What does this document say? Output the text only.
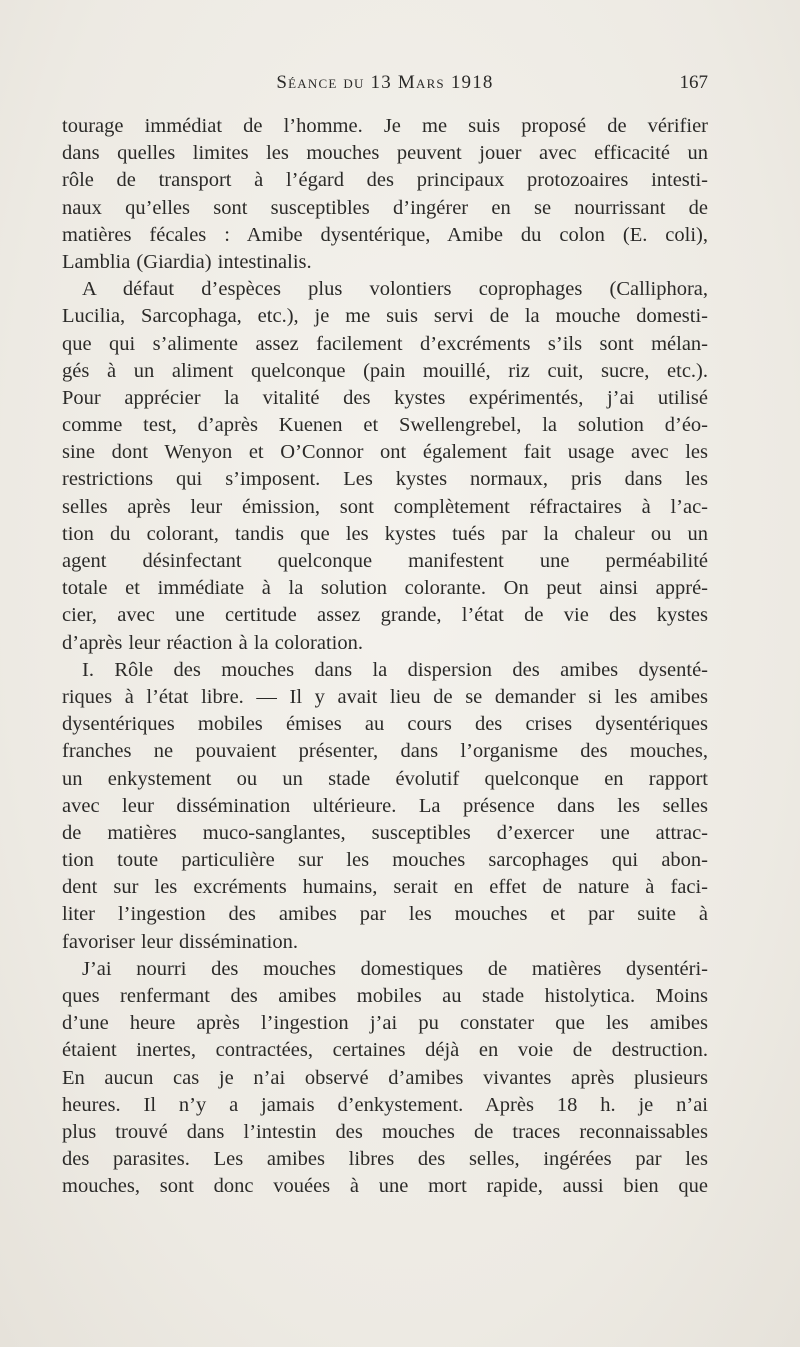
Séance du 13 Mars 1918	167
tourage immédiat de l’homme. Je me suis proposé de vérifier
dans quelles limites les mouches peuvent jouer avec efficacité un
rôle de transport à l’égard des principaux protozoaires intesti-
naux qu’elles sont susceptibles d’ingérer en se nourrissant de
matières fécales : Amibe dysentérique, Amibe du colon (E. coli),
Lamblia (Giardia) intestinalis.
A défaut d’espèces plus volontiers coprophages (Calliphora,
Lucilia, Sarcophaga, etc.), je me suis servi de la mouche domesti-
que qui s’alimente assez facilement d’excréments s’ils sont mélan-
gés à un aliment quelconque (pain mouillé, riz cuit, sucre, etc.).
Pour apprécier la vitalité des kystes expérimentés, j’ai utilisé
comme test, d’après Kuenen et Swellengrebel, la solution d’éo-
sine dont Wenyon et O’Connor ont également fait usage avec les
restrictions qui s’imposent. Les kystes normaux, pris dans les
selles après leur émission, sont complètement réfractaires à l’ac-
tion du colorant, tandis que les kystes tués par la chaleur ou un
agent désinfectant quelconque manifestent une perméabilité
totale et immédiate à la solution colorante. On peut ainsi appré-
cier, avec une certitude assez grande, l’état de vie des kystes
d’après leur réaction à la coloration.
I. Rôle des mouches dans la dispersion des amibes dysenté-
riques à l’état libre. — Il y avait lieu de se demander si les amibes
dysentériques mobiles émises au cours des crises dysentériques
franches ne pouvaient présenter, dans l’organisme des mouches,
un enkystement ou un stade évolutif quelconque en rapport
avec leur dissémination ultérieure. La présence dans les selles
de matières muco-sanglantes, susceptibles d’exercer une attrac-
tion toute particulière sur les mouches sarcophages qui abon-
dent sur les excréments humains, serait en effet de nature à faci-
liter l’ingestion des amibes par les mouches et par suite à
favoriser leur dissémination.
J’ai nourri des mouches domestiques de matières dysentéri-
ques renfermant des amibes mobiles au stade histolytica. Moins
d’une heure après l’ingestion j’ai pu constater que les amibes
étaient inertes, contractées, certaines déjà en voie de destruction.
En aucun cas je n’ai observé d’amibes vivantes après plusieurs
heures. Il n’y a jamais d’enkystement. Après 18 h. je n’ai
plus trouvé dans l’intestin des mouches de traces reconnaissables
des parasites. Les amibes libres des selles, ingérées par les
mouches, sont donc vouées à une mort rapide, aussi bien que
